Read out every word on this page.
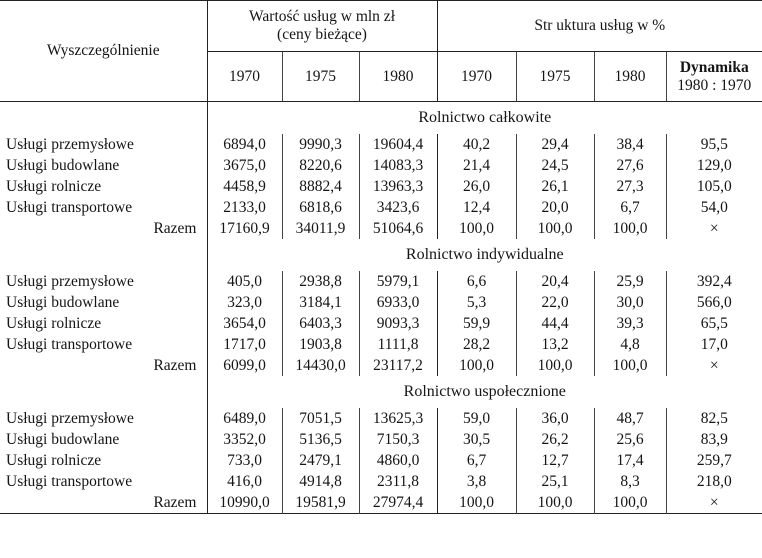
Wyszczególnienie	Wartość usług w mln zł
(ceny bieżące)			Str uktura usług w %			
	1970	1975	1980	1970	1975	1980	Dynamika
1980 : 1970

	Rolnictwo całkowite						
Usługi przemysłowe	6894,0	9990,3	19604,4	40,2	29,4	38,4	95,5
Usługi budowlane	3675,0	8220,6	14083,3	21,4	24,5	27,6	129,0
Usługi rolnicze	4458,9	8882,4	13963,3	26,0	26,1	27,3	105,0
Usługi transportowe	2133,0	6818,6	3423,6	12,4	20,0	6,7	54,0
Razem	17160,9	34011,9	51064,6	100,0	100,0	100,0	×
	Rolnictwo indywidualne						
Usługi przemysłowe	405,0	2938,8	5979,1	6,6	20,4	25,9	392,4
Usługi budowlane	323,0	3184,1	6933,0	5,3	22,0	30,0	566,0
Usługi rolnicze	3654,0	6403,3	9093,3	59,9	44,4	39,3	65,5
Usługi transportowe	1717,0	1903,8	1111,8	28,2	13,2	4,8	17,0
Razem	6099,0	14430,0	23117,2	100,0	100,0	100,0	×
	Rolnictwo uspołecznione						
Usługi przemysłowe	6489,0	7051,5	13625,3	59,0	36,0	48,7	82,5
Usługi budowlane	3352,0	5136,5	7150,3	30,5	26,2	25,6	83,9
Usługi rolnicze	733,0	2479,1	4860,0	6,7	12,7	17,4	259,7
Usługi transportowe	416,0	4914,8	2311,8	3,8	25,1	8,3	218,0
Razem	10990,0	19581,9	27974,4	100,0	100,0	100,0	×
